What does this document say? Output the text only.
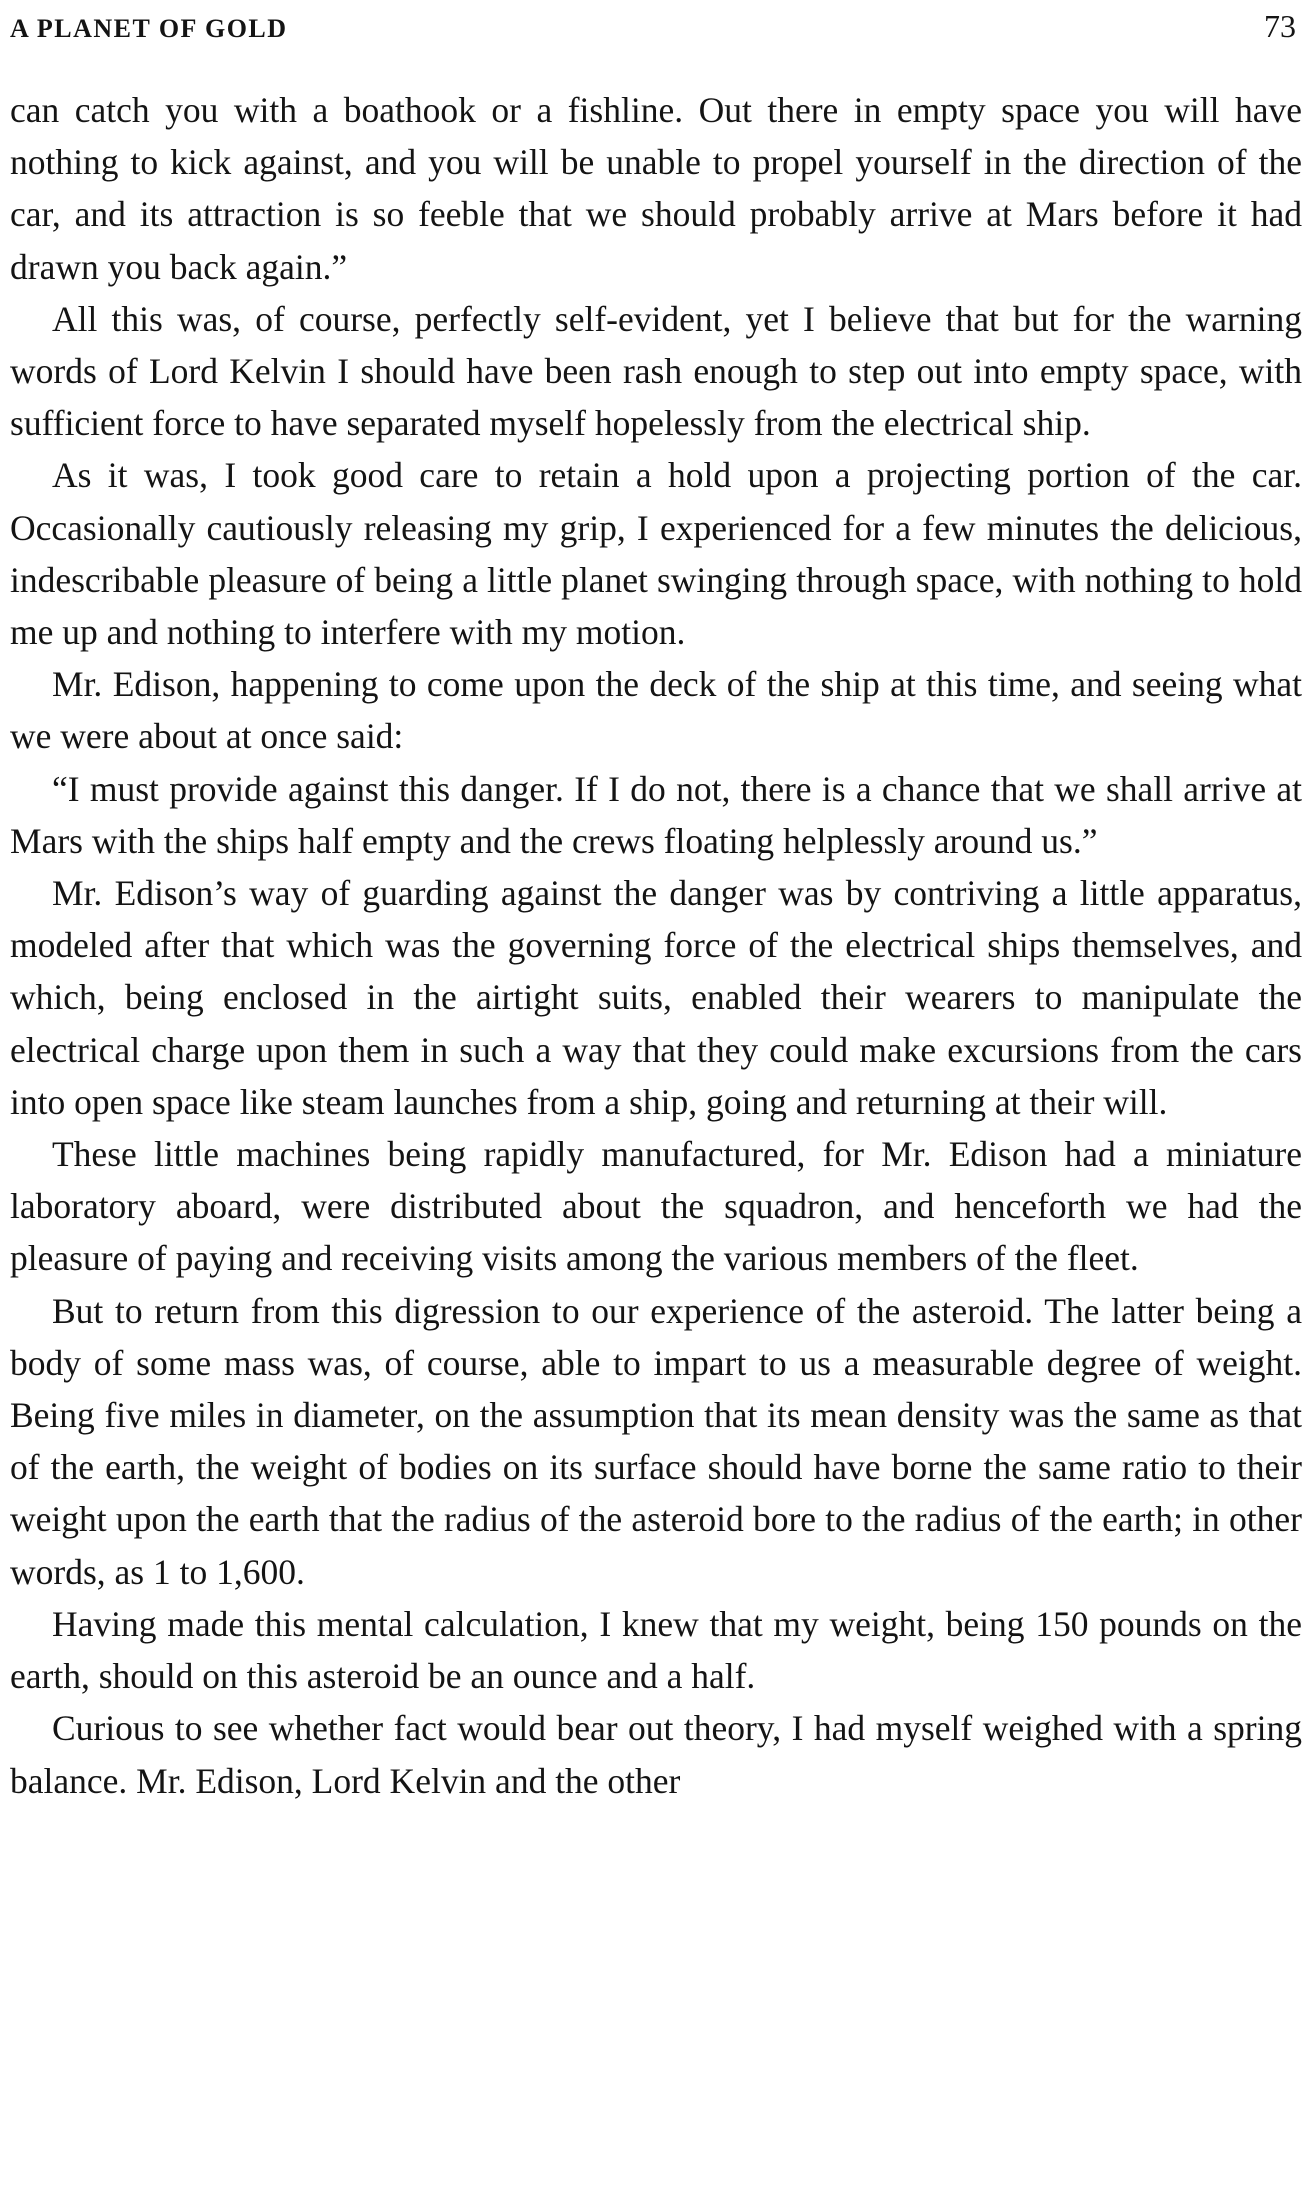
A PLANET OF GOLD	73

can catch you with a boathook or a fishline. Out there in empty space you will have nothing to kick against, and you will be unable to propel yourself in the direction of the car, and its attraction is so feeble that we should probably arrive at Mars before it had drawn you back again.”

All this was, of course, perfectly self-evident, yet I believe that but for the warning words of Lord Kelvin I should have been rash enough to step out into empty space, with sufficient force to have separated myself hopelessly from the electrical ship.

As it was, I took good care to retain a hold upon a projecting portion of the car. Occasionally cautiously releasing my grip, I experienced for a few minutes the delicious, indescribable pleasure of being a little planet swinging through space, with nothing to hold me up and nothing to interfere with my motion.

Mr. Edison, happening to come upon the deck of the ship at this time, and seeing what we were about at once said:

“I must provide against this danger. If I do not, there is a chance that we shall arrive at Mars with the ships half empty and the crews floating helplessly around us.”

Mr. Edison’s way of guarding against the danger was by contriving a little apparatus, modeled after that which was the governing force of the electrical ships themselves, and which, being enclosed in the airtight suits, enabled their wearers to manipulate the electrical charge upon them in such a way that they could make excursions from the cars into open space like steam launches from a ship, going and returning at their will.

These little machines being rapidly manufactured, for Mr. Edison had a miniature laboratory aboard, were distributed about the squadron, and henceforth we had the pleasure of paying and receiving visits among the various members of the fleet.

But to return from this digression to our experience of the asteroid. The latter being a body of some mass was, of course, able to impart to us a measurable degree of weight. Being five miles in diameter, on the assumption that its mean density was the same as that of the earth, the weight of bodies on its surface should have borne the same ratio to their weight upon the earth that the radius of the asteroid bore to the radius of the earth; in other words, as 1 to 1,600.

Having made this mental calculation, I knew that my weight, being 150 pounds on the earth, should on this asteroid be an ounce and a half.

Curious to see whether fact would bear out theory, I had myself weighed with a spring balance. Mr. Edison, Lord Kelvin and the other
